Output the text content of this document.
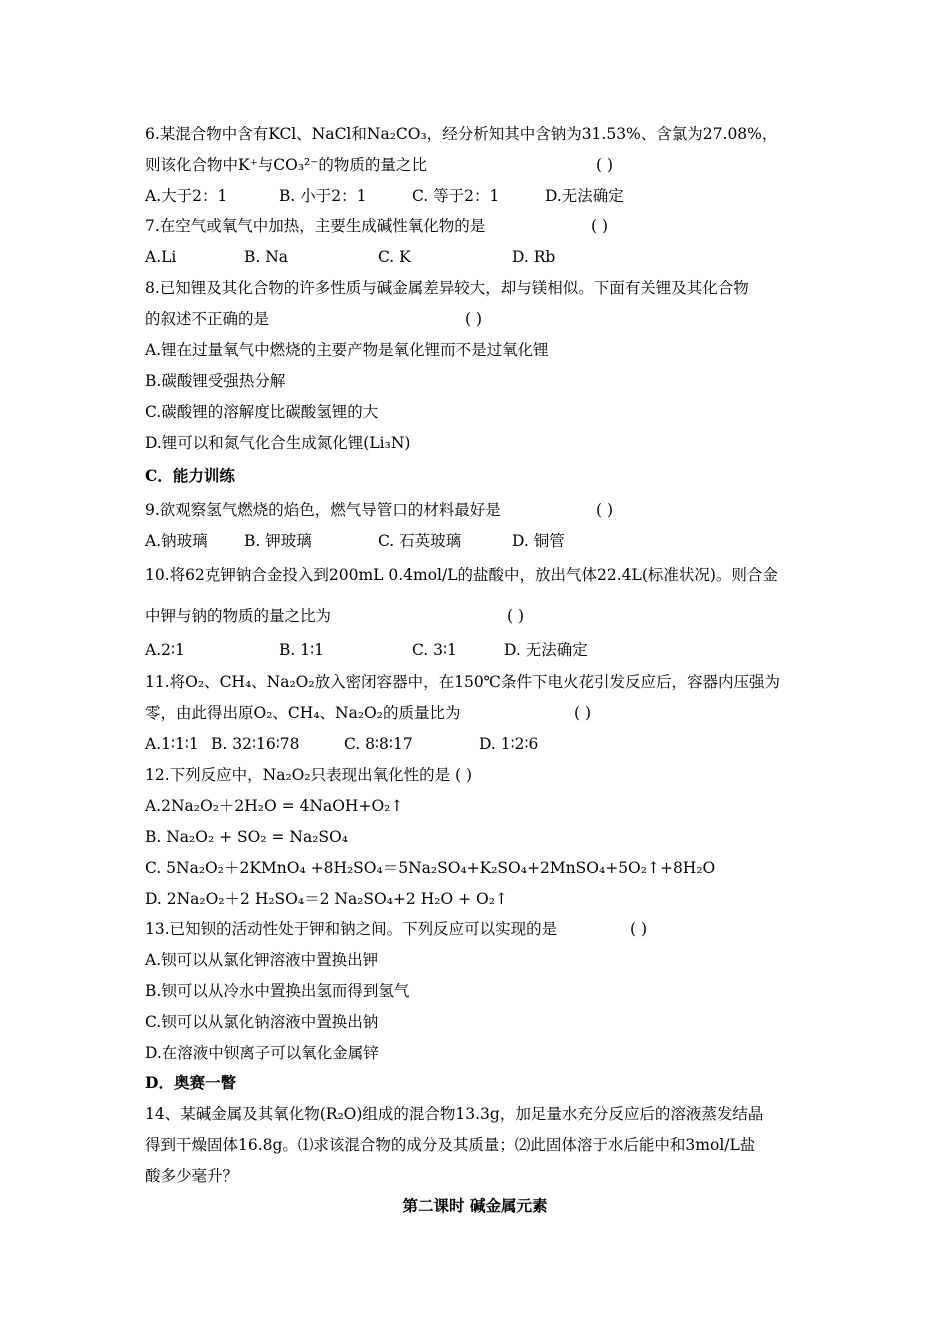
6.某混合物中含有KCl、NaCl和Na₂CO₃，经分析知其中含钠为31.53%、含氯为27.08%，
则该化合物中K⁺与CO₃²⁻的物质的量之比	( )
A.大于2：1	B. 小于2：1	C. 等于2：1	D.无法确定
7.在空气或氧气中加热，主要生成碱性氧化物的是	( )
A.Li	B. Na	C. K	D. Rb
8.已知锂及其化合物的许多性质与碱金属差异较大，却与镁相似。下面有关锂及其化合物
的叙述不正确的是	( )
A.锂在过量氧气中燃烧的主要产物是氧化锂而不是过氧化锂
B.碳酸锂受强热分解
C.碳酸锂的溶解度比碳酸氢锂的大
D.锂可以和氮气化合生成氮化锂(Li₃N)
C．能力训练
9.欲观察氢气燃烧的焰色，燃气导管口的材料最好是	( )
A.钠玻璃 B. 钾玻璃	C. 石英玻璃	D. 铜管
10.将62克钾钠合金投入到200mL 0.4mol/L的盐酸中，放出气体22.4L(标准状况)。则合金
中钾与钠的物质的量之比为	( )
A.2∶1	B. 1∶1	C. 3∶1	D. 无法确定
11.将O₂、CH₄、Na₂O₂放入密闭容器中，在150℃条件下电火花引发反应后，容器内压强为
零，由此得出原O₂、CH₄、Na₂O₂的质量比为	( )
A.1∶1∶1 B. 32∶16∶78	C. 8∶8∶17	D. 1∶2∶6
12.下列反应中，Na₂O₂只表现出氧化性的是 ( )
A.2Na₂O₂＋2H₂O = 4NaOH+O₂↑
B. Na₂O₂ + SO₂ = Na₂SO₄
C. 5Na₂O₂＋2KMnO₄ +8H₂SO₄＝5Na₂SO₄+K₂SO₄+2MnSO₄+5O₂↑+8H₂O
D. 2Na₂O₂＋2 H₂SO₄＝2 Na₂SO₄+2 H₂O + O₂↑
13.已知钡的活动性处于钾和钠之间。下列反应可以实现的是	( )
A.钡可以从氯化钾溶液中置换出钾
B.钡可以从冷水中置换出氢而得到氢气
C.钡可以从氯化钠溶液中置换出钠
D.在溶液中钡离子可以氧化金属锌
D．奥赛一瞥
14、某碱金属及其氧化物(R₂O)组成的混合物13.3g，加足量水充分反应后的溶液蒸发结晶
得到干燥固体16.8g。⑴求该混合物的成分及其质量；⑵此固体溶于水后能中和3mol/L盐
酸多少毫升？
第二课时 碱金属元素
